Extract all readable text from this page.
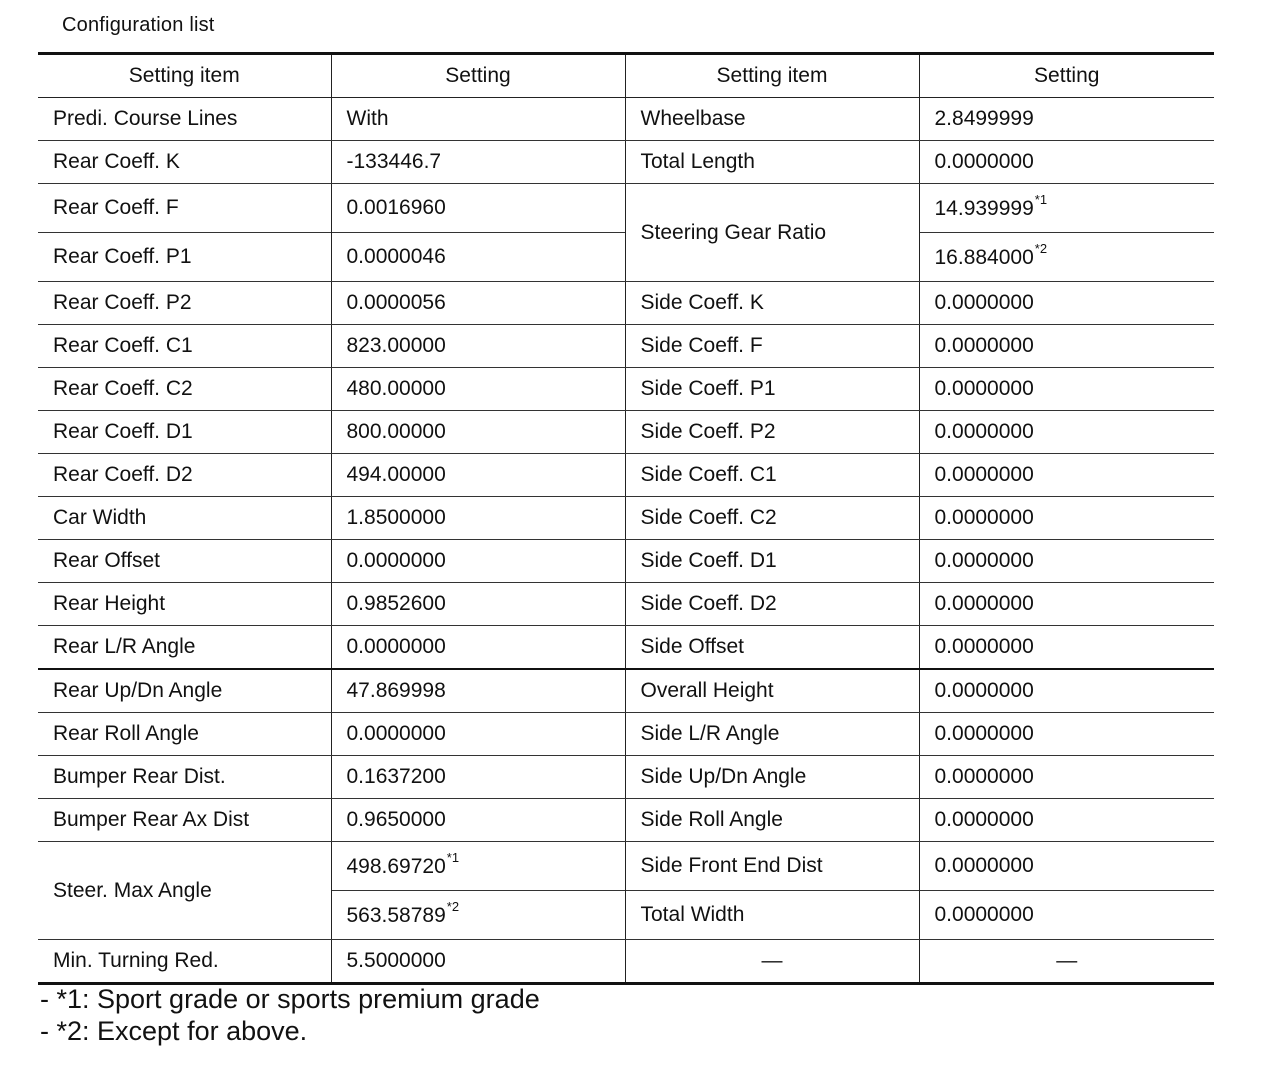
Configuration list
Setting item	Setting	Setting item	Setting
Predi. Course Lines	With	Wheelbase	2.8499999
Rear Coeff. K	-133446.7	Total Length	0.0000000
Rear Coeff. F	0.0016960	Steering Gear Ratio	14.939999$^{*1}$
Rear Coeff. P1	0.0000046		16.884000$^{*2}$
Rear Coeff. P2	0.0000056	Side Coeff. K	0.0000000
Rear Coeff. C1	823.00000	Side Coeff. F	0.0000000
Rear Coeff. C2	480.00000	Side Coeff. P1	0.0000000
Rear Coeff. D1	800.00000	Side Coeff. P2	0.0000000
Rear Coeff. D2	494.00000	Side Coeff. C1	0.0000000
Car Width	1.8500000	Side Coeff. C2	0.0000000
Rear Offset	0.0000000	Side Coeff. D1	0.0000000
Rear Height	0.9852600	Side Coeff. D2	0.0000000
Rear L/R Angle	0.0000000	Side Offset	0.0000000
Rear Up/Dn Angle	47.869998	Overall Height	0.0000000
Rear Roll Angle	0.0000000	Side L/R Angle	0.0000000
Bumper Rear Dist.	0.1637200	Side Up/Dn Angle	0.0000000
Bumper Rear Ax Dist	0.9650000	Side Roll Angle	0.0000000
Steer. Max Angle	498.69720$^{*1}$	Side Front End Dist	0.0000000
	563.58789$^{*2}$	Total Width	0.0000000
Min. Turning Red.	5.5000000	—	—
- *1: Sport grade or sports premium grade
- *2: Except for above.
